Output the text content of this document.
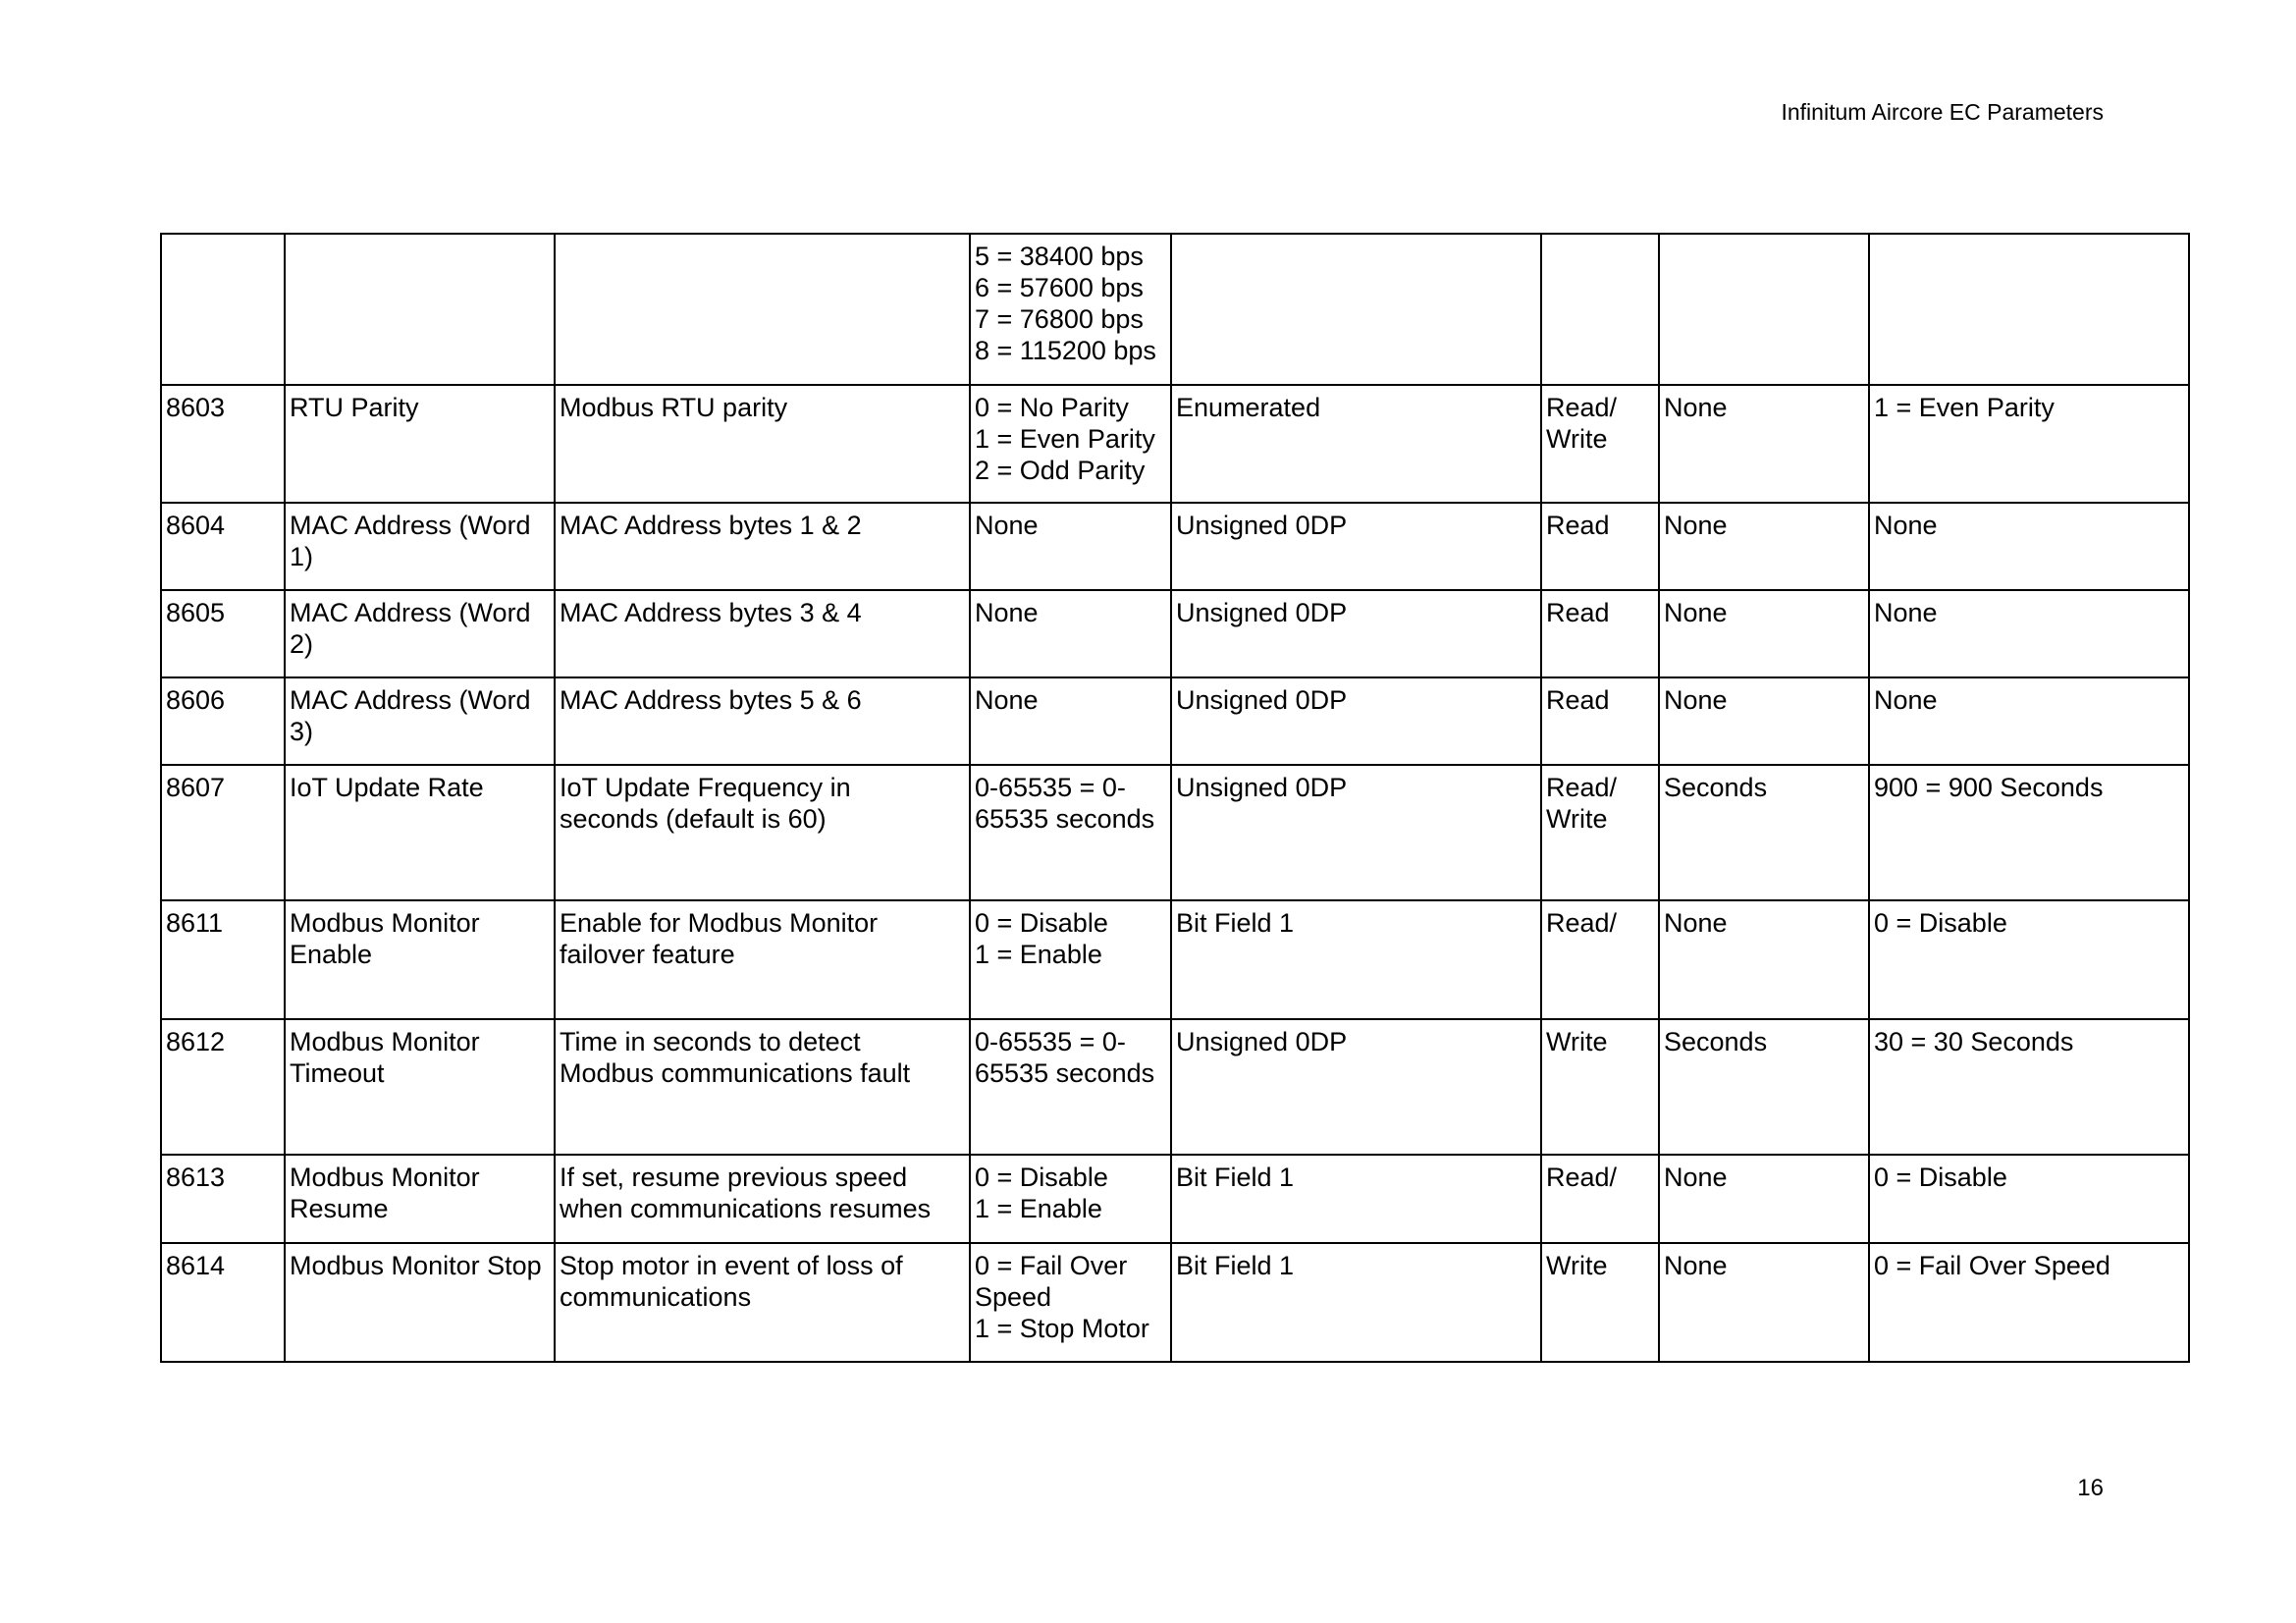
Infinitum Aircore EC Parameters
			5 = 38400 bps
6 = 57600 bps
7 = 76800 bps
8 = 115200 bps				
8603	RTU Parity	Modbus RTU parity	0 = No Parity
1 = Even Parity
2 = Odd Parity	Enumerated	Read/
Write	None	1 = Even Parity
8604	MAC Address (Word
1)	MAC Address bytes 1 & 2	None	Unsigned 0DP	Read	None	None
8605	MAC Address (Word
2)	MAC Address bytes 3 & 4	None	Unsigned 0DP	Read	None	None
8606	MAC Address (Word
3)	MAC Address bytes 5 & 6	None	Unsigned 0DP	Read	None	None
8607	IoT Update Rate	IoT Update Frequency in
seconds (default is 60)	0-65535 = 0-
65535 seconds	Unsigned 0DP	Read/
Write	Seconds	900 = 900 Seconds
8611	Modbus Monitor
Enable	Enable for Modbus Monitor
failover feature	0 = Disable
1 = Enable	Bit Field 1	Read/	None	0 = Disable
8612	Modbus Monitor
Timeout	Time in seconds to detect
Modbus communications fault	0-65535 = 0-
65535 seconds	Unsigned 0DP	Write	Seconds	30 = 30 Seconds
8613	Modbus Monitor
Resume	If set, resume previous speed
when communications resumes	0 = Disable
1 = Enable	Bit Field 1	Read/	None	0 = Disable
8614	Modbus Monitor Stop	Stop motor in event of loss of
communications	0 = Fail Over
Speed
1 = Stop Motor	Bit Field 1	Write	None	0 = Fail Over Speed
16
